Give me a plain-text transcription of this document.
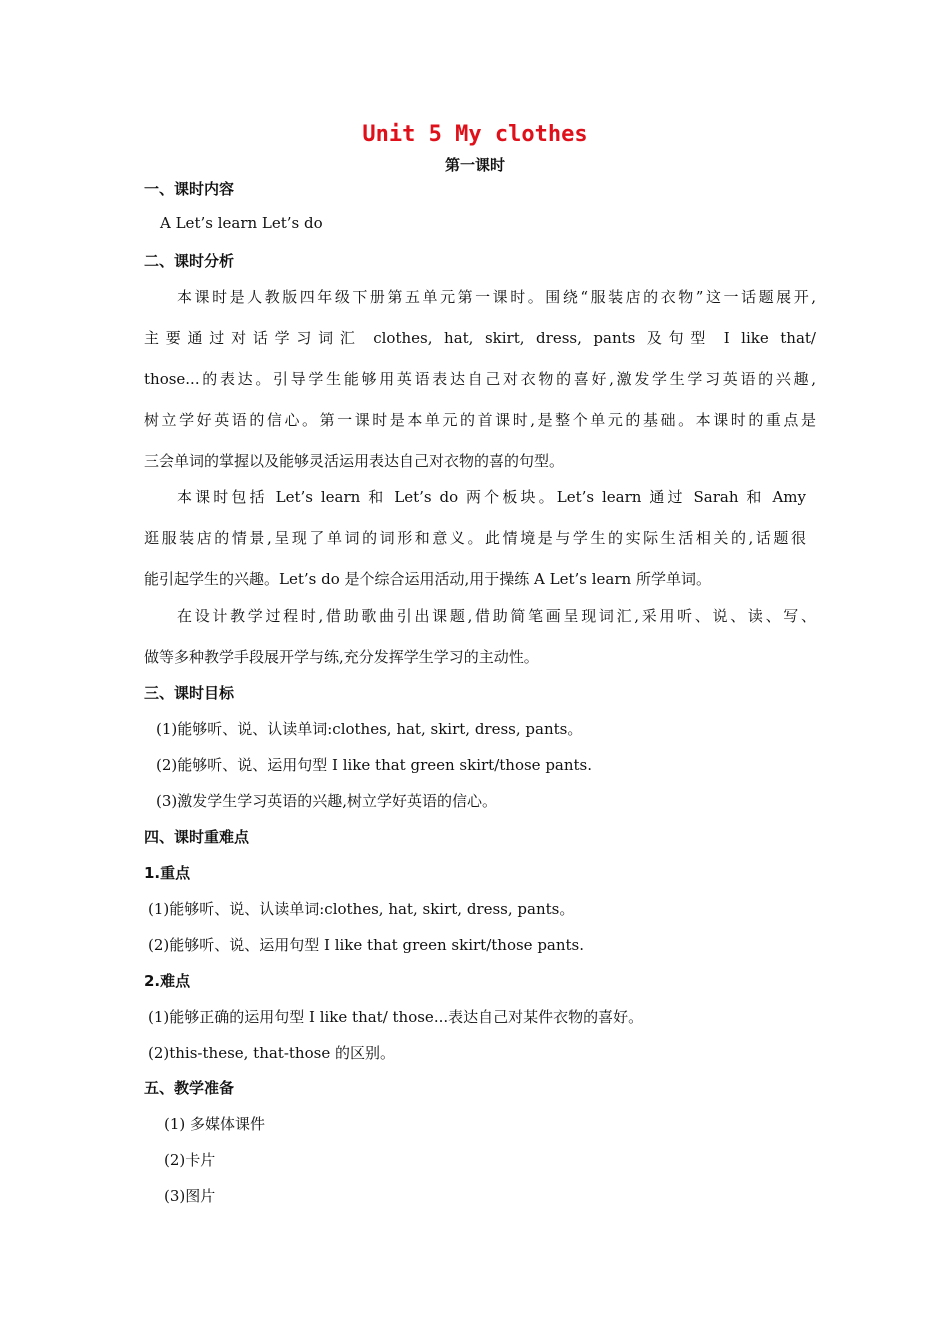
Unit 5 My clothes
第一课时
一、课时内容
A Let’s learn Let’s do
二、课时分析
本课时是人教版四年级下册第五单元第一课时。围绕“服装店的衣物”这一话题展开,
主要通过对话学习词汇 clothes, hat, skirt, dress, pants 及句型 I like that/
those...的表达。引导学生能够用英语表达自己对衣物的喜好,激发学生学习英语的兴趣,
树立学好英语的信心。第一课时是本单元的首课时,是整个单元的基础。本课时的重点是
三会单词的掌握以及能够灵活运用表达自己对衣物的喜的句型。
本课时包括 Let’s learn 和 Let’s do 两个板块。Let’s learn 通过 Sarah 和 Amy
逛服装店的情景,呈现了单词的词形和意义。此情境是与学生的实际生活相关的,话题很
能引起学生的兴趣。Let’s do 是个综合运用活动,用于操练 A Let’s learn 所学单词。
在设计教学过程时,借助歌曲引出课题,借助简笔画呈现词汇,采用听、说、读、写、
做等多种教学手段展开学与练,充分发挥学生学习的主动性。
三、课时目标
(1)能够听、说、认读单词:clothes, hat, skirt, dress, pants。
(2)能够听、说、运用句型 I like that green skirt/those pants.
(3)激发学生学习英语的兴趣,树立学好英语的信心。
四、课时重难点
1.重点
(1)能够听、说、认读单词:clothes, hat, skirt, dress, pants。
(2)能够听、说、运用句型 I like that green skirt/those pants.
2.难点
(1)能够正确的运用句型 I like that/ those...表达自己对某件衣物的喜好。
(2)this-these, that-those 的区别。
五、教学准备
(1) 多媒体课件
(2)卡片
(3)图片
